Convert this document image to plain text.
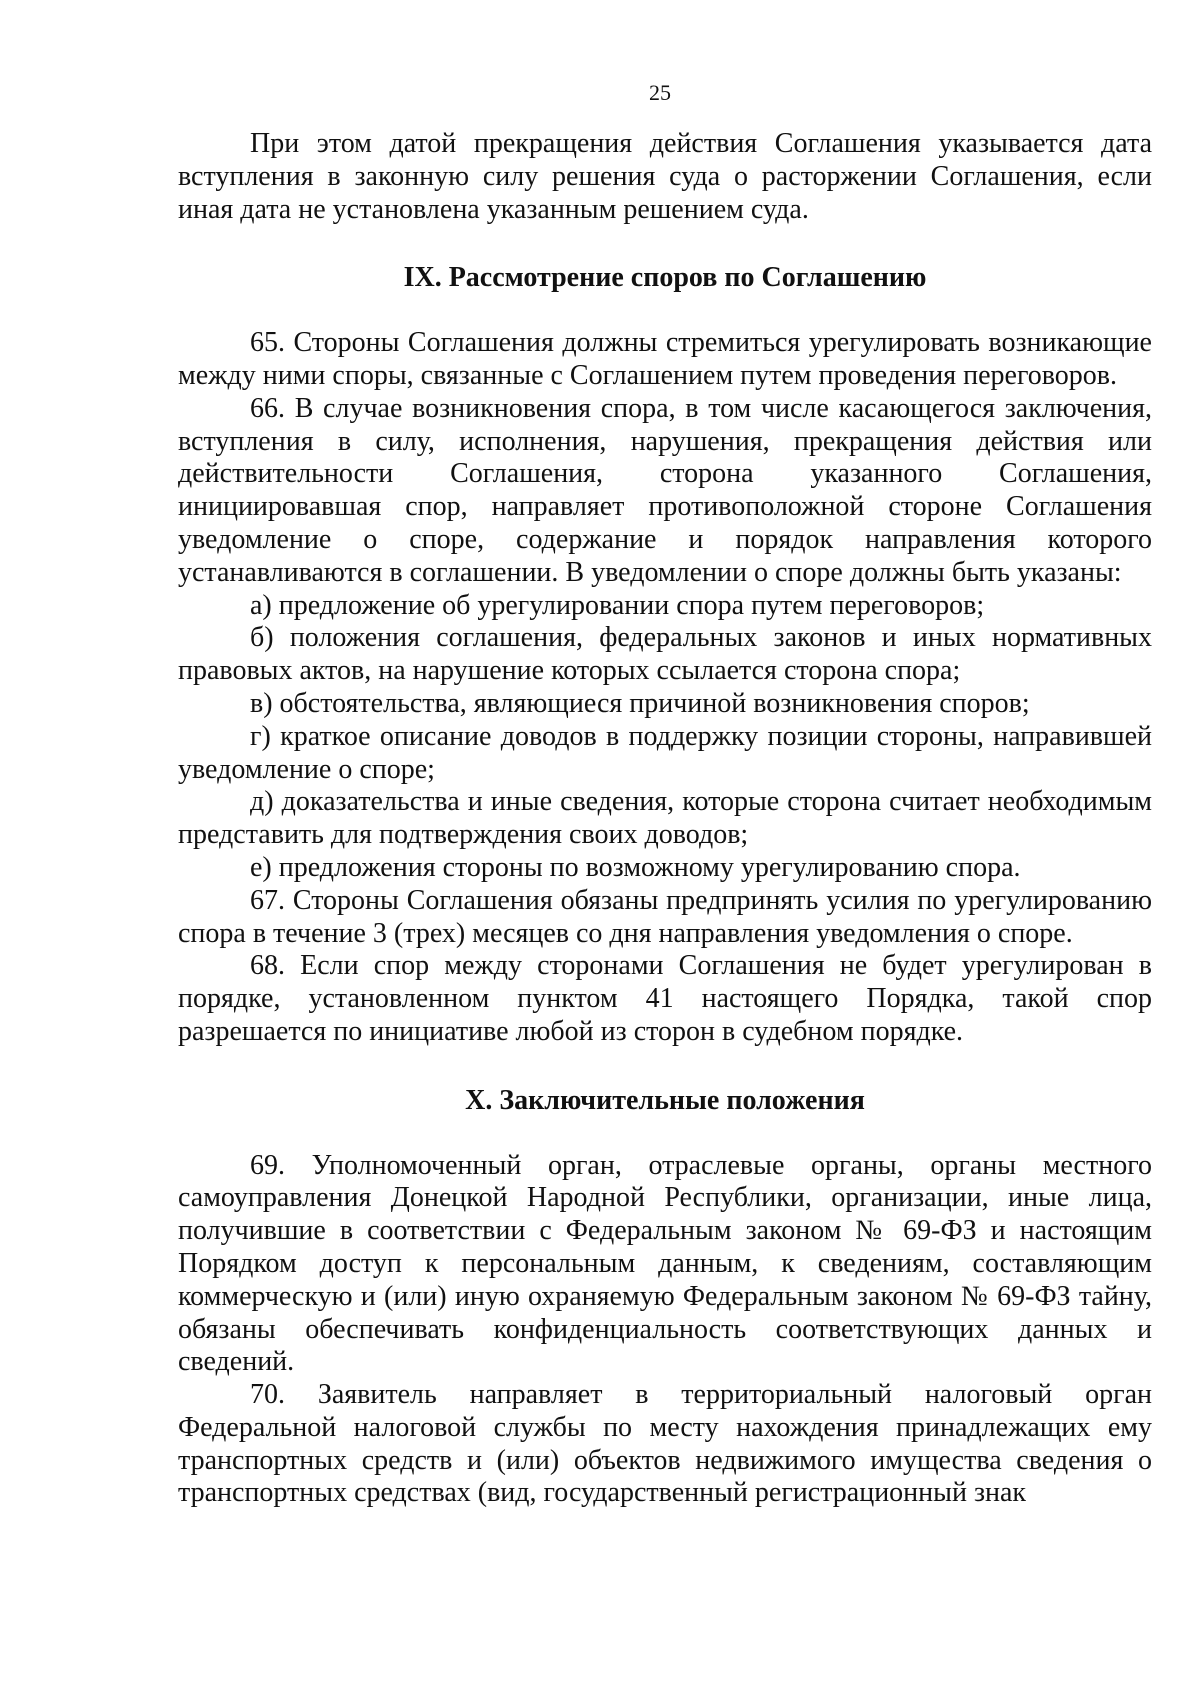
25

При этом датой прекращения действия Соглашения указывается дата вступления в законную силу решения суда о расторжении Соглашения, если иная дата не установлена указанным решением суда.

IX. Рассмотрение споров по Соглашению

65. Стороны Соглашения должны стремиться урегулировать возникающие между ними споры, связанные с Соглашением путем проведения переговоров.

66. В случае возникновения спора, в том числе касающегося заключения, вступления в силу, исполнения, нарушения, прекращения действия или действительности Соглашения, сторона указанного Соглашения, инициировавшая спор, направляет противоположной стороне Соглашения уведомление о споре, содержание и порядок направления которого устанавливаются в соглашении. В уведомлении о споре должны быть указаны:

а) предложение об урегулировании спора путем переговоров;

б) положения соглашения, федеральных законов и иных нормативных правовых актов, на нарушение которых ссылается сторона спора;

в) обстоятельства, являющиеся причиной возникновения споров;

г) краткое описание доводов в поддержку позиции стороны, направившей уведомление о споре;

д) доказательства и иные сведения, которые сторона считает необходимым представить для подтверждения своих доводов;

е) предложения стороны по возможному урегулированию спора.

67. Стороны Соглашения обязаны предпринять усилия по урегулированию спора в течение 3 (трех) месяцев со дня направления уведомления о споре.

68. Если спор между сторонами Соглашения не будет урегулирован в порядке, установленном пунктом 41 настоящего Порядка, такой спор разрешается по инициативе любой из сторон в судебном порядке.

X. Заключительные положения

69. Уполномоченный орган, отраслевые органы, органы местного самоуправления Донецкой Народной Республики, организации, иные лица, получившие в соответствии с Федеральным законом № 69-ФЗ и настоящим Порядком доступ к персональным данным, к сведениям, составляющим коммерческую и (или) иную охраняемую Федеральным законом № 69-ФЗ тайну, обязаны обеспечивать конфиденциальность соответствующих данных и сведений.

70. Заявитель направляет в территориальный налоговый орган Федеральной налоговой службы по месту нахождения принадлежащих ему транспортных средств и (или) объектов недвижимого имущества сведения о транспортных средствах (вид, государственный регистрационный знак
